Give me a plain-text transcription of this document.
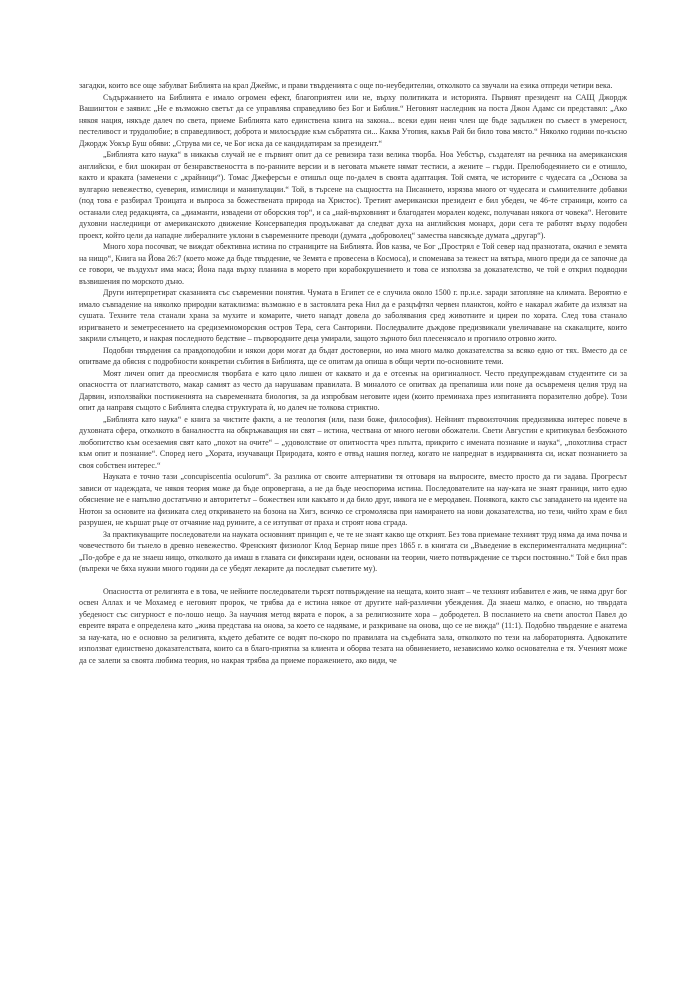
загадки, които все още забулват Библията на крал Джеймс, и прави твърденията с още по-неубедителни, отколкото са звучали на езика отпреди четири века.

Съдържанието на Библията е имало огромен ефект, благоприятен или не, върху политиката и историята. Първият президент на САЩ Джордж Вашингтон е заявил: „Не е възможно светът да се управлява справедливо без Бог и Библия.“ Неговият наследник на поста Джон Адамс си представял: „Ако някоя нация, някъде далеч по света, приеме Библията като единствена книга на закона... всеки един неин член ще бъде задължен по съвест в умереност, пестеливост и трудолюбие; в справедливост, доброта и милосърдие към събратята си... Каква Утопия, какъв Рай би било това място.“ Няколко години по-късно Джордж Уокър Буш обяви: „Струва ми се, че Бог иска да се кандидатирам за президент.“

„Библията като наука“ в никакъв случай не е първият опит да се ревизира тази велика творба. Ноа Уебстър, създателят на речника на американския английски, е бил шокиран от безнравствеността в по-ранните версии и в неговата мъжете нямат тестиси, а жените – гърди. Прелюбодеянието си е отишло, както и краката (заменени с „крайници“). Томас Джеферсън е отишъл още по-далеч в своята адаптация. Той смята, че историите с чудесата са „Основа за вулгарно невежество, суеверия, измислици и манипулации.“ Той, в търсене на същността на Писанието, изрязва много от чудесата и съмнителните добавки (под това е разбирал Троицата и въпроса за божествената природа на Христос). Третият американски президент е бил убеден, че 46-те страници, които са останали след редакцията, са „диаманти, извадени от оборския тор“, и са „най-върховният и благодатен морален кодекс, получаван някога от човека“. Неговите духовни наследници от американското движение Консервапедия продължават да следват духа на английския монарх, дори сега те работят върху подобен проект, който цели да нападне либералните уклони в съвременните преводи (думата „доброволец“ замества навсякъде думата „другар“).

Много хора посочват, че виждат обективна истина по страниците на Библията. Йов казва, че Бог „Прострял е Той север над празнотата, окачил е земята на нищо“, Книга на Йова 26:7 (което може да бъде твърдение, че Земята е провесена в Космоса), и споменава за тежест на вятъра, много преди да се започне да се говори, че въздухът има маса; Йона пада върху планина в морето при корабокрушението и това се използва за доказателство, че той е открил подводни възвишения по морското дъно.

Други интерпретират сказанията със съвременни понятия. Чумата в Египет се е случила около 1500 г. пр.н.е. заради затопляне на климата. Вероятно е имало съвпадение на няколко природни катаклизма: възможно е в застоялата река Нил да е разцъфтял червен планктон, който е накарал жабите да излязат на сушата. Техните тела станали храна за мухите и комарите, чието нападт довела до заболявания сред животните и циреи по хората. След това станало изригването и земетресението на средиземноморския остров Тера, сега Санторини. Последвалите дъждове предизвикали увеличаване на скакалците, които закрили слънцето, и накрая последното бедствие – първородните деца умирали, защото зърното бил плесенясало и прогнило отровно жито.

Подобни твърдения са правдоподобни и някои дори могат да бъдат достоверни, но има много малко доказателства за всяко едно от тях. Вместо да се опитваме да обясня с подробности конкретни събития в Библията, ще се опитам да опиша в общи черти по-основните теми.

Моят личен опит да преосмисля творбата е като цяло лишен от каквато и да е отсенък на оригиналност. Често предупреждавам студентите си за опасността от плагиатството, макар самият аз често да нарушавам правилата. В миналото се опитвах да препапиша или поне да осъвременя целия труд на Дарвин, използвайки постиженията на съвременната биология, за да изпробвам неговите идеи (които преминаха през изпитанията поразително добре). Този опит да направя същото с Библията следва структурата ѝ, но далеч не толкова стриктно.

„Библията като наука“ е книга за чистите факти, а не теология (или, пази боже, философия). Нейният първоизточник предизвиква интерес повече в духовната сфера, отколкото в баналността на обкръжаващия ни свят – истина, чествана от много негови обожатели. Свети Августин е критикувал безбожното любопитство към осезаемия свят като „похот на очите“ – „удоволствие от опитността чрез плътта, прикрито с имената познание и наука“, „похотлива страст към опит и познание“. Според него „Хората, изучаващи Природата, която е отвъд нашия поглед, когато не напреднат в издирванията си, искат познанието за своя собствен интерес.“

Науката е точно тази „concupiscentia oculorum“. За разлика от своите алтернативи тя отговаря на въпросите, вместо просто да ги задава. Прогресът зависи от надеждата, че някоя теория може да бъде опровергана, а не да бъде неоспорима истина. Последователите на нау-ката не знаят граници, нито едно обяснение не е напълно достатъчно и авторитетът – божествен или какъвто и да било друг, никога не е меродавен. Понякога, както със западането на идеите на Нютон за основите на физиката след откриването на бозона на Хигз, всичко се сгромолясва при намирането на нови доказателства, но тези, чийто храм е бил разрушен, не кършат ръце от отчаяние над руините, а се изтупват от праха и строят нова сграда.

За практикуващите последователи на науката основният принцип е, че те не знаят какво ще открият. Без това приемане техният труд няма да има почва и човечеството би тънело в древно невежество. Френският физиолог Клод Бернар пише през 1865 г. в книгата си „Въведение в експерименталната медицина“: „По-добре е да не знаеш нищо, отколкото да имаш в главата си фиксирани идеи, основани на теории, чието потвърждение се търси постоянно.“ Той е бил прав (въпреки че бяха нужни много години да се убедят лекарите да последват съветите му).

Опасността от религията е в това, че нейните последователи търсят потвърждение на нещата, които знаят – че техният избавител е жив, че няма друг бог освен Аллах и че Мохамед е неговият пророк, че трябва да е истина някое от другите най-различни убеждения. Да знаеш малко, е опасно, но твърдата убеденост със сигурност е по-лошо нещо. За научния метод вярата е порок, а за религиозните хора – добродетел. В посланието на свети апостол Павел до евреите вярата е определена като „жива представа на онова, за което се надяваме, и разкриване на онова, що се не вижда“ (11:1). Подобно твърдение е анатема за нау-ката, но е основно за религията, където дебатите се водят по-скоро по правилата на съдебната зала, отколкото по тези на лабораторията. Адвокатите използват единствено доказателствата, които са в благо-приятна за клиента и оборва тезата на обвинението, независимо колко основателна е тя. Ученият може да се залепи за своята любима теория, но накрая трябва да приеме поражението, ако види, че
